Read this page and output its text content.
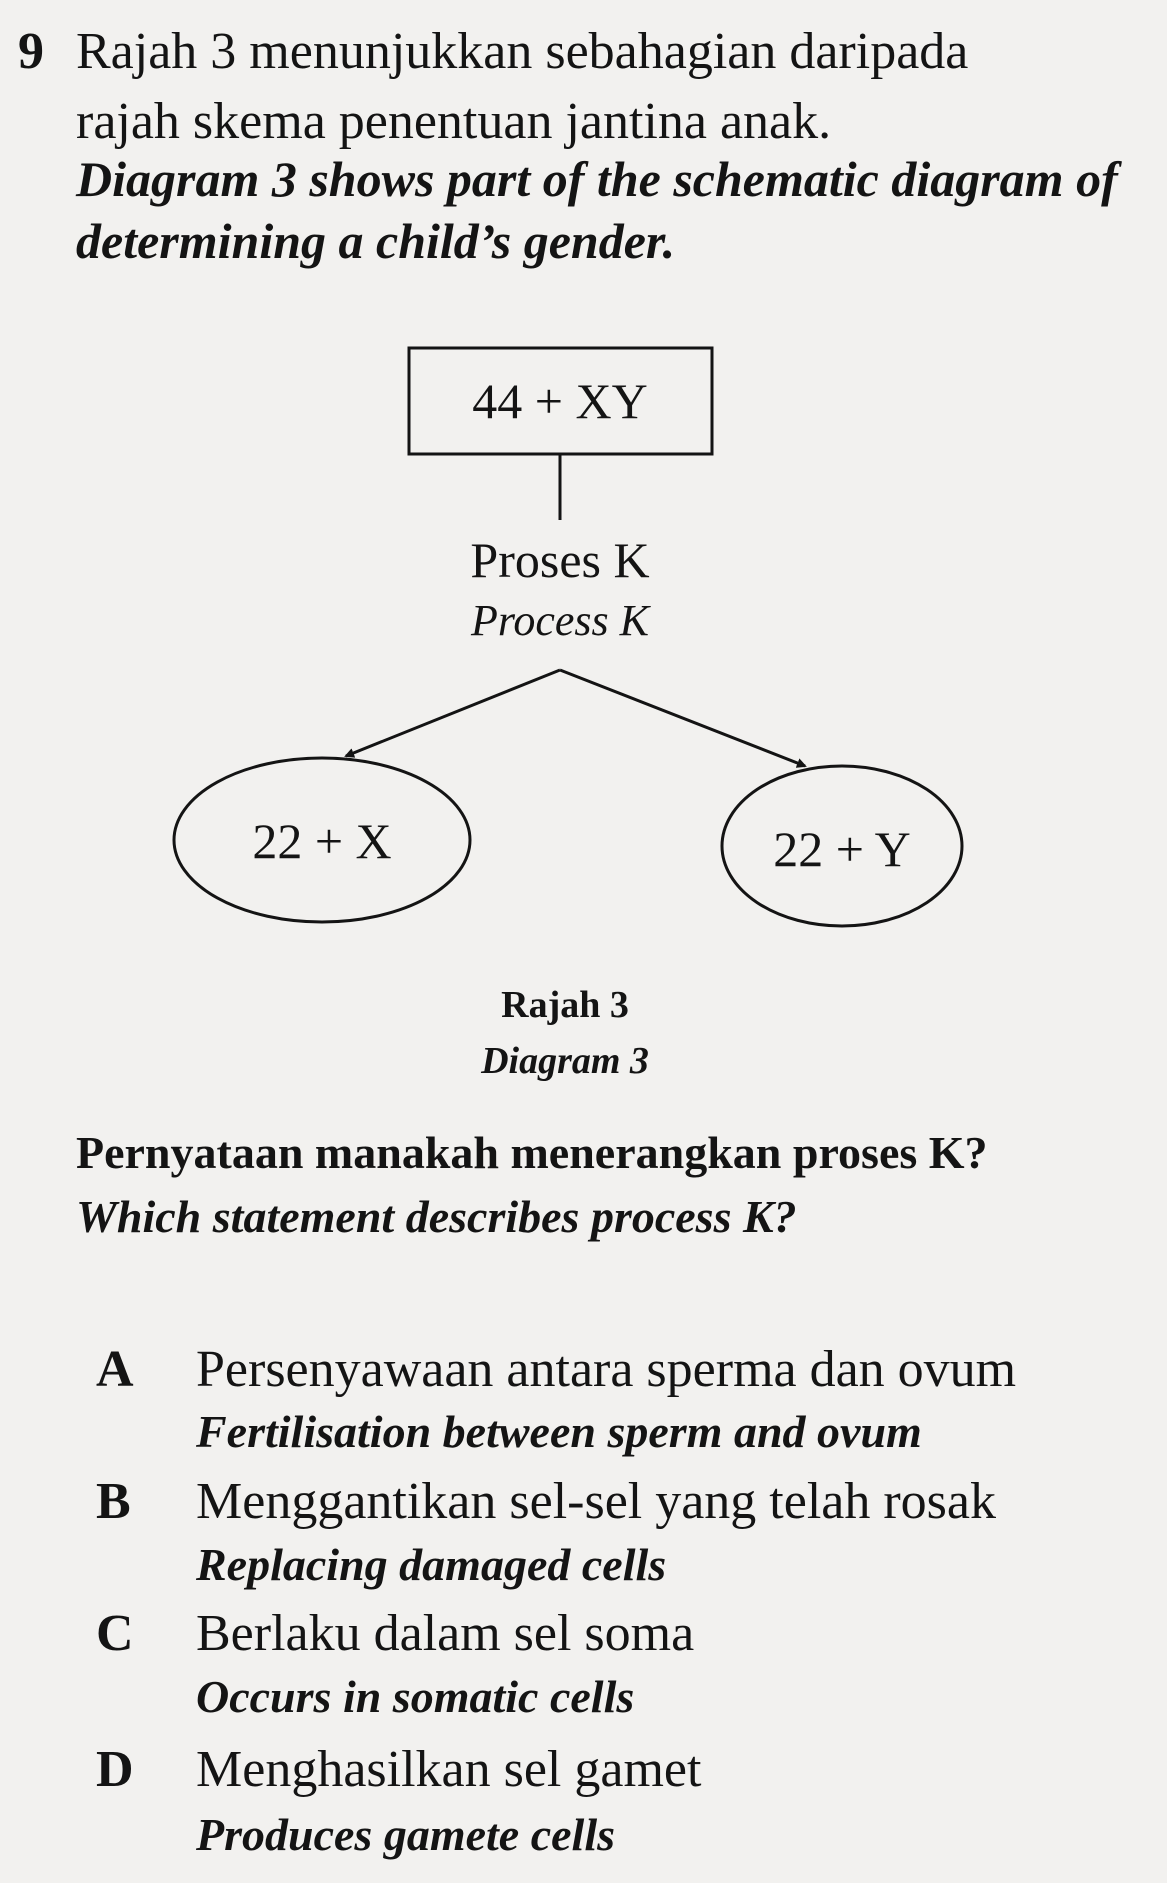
9 Rajah 3 menunjukkan sebahagian daripada
rajah skema penentuan jantina anak.
Diagram 3 shows part of the schematic diagram of
determining a child’s gender.
44 + XY
Proses K
Process K
22 + X	22 + Y
Rajah 3
Diagram 3
Pernyataan manakah menerangkan proses K?
Which statement describes process K?
A Persenyawaan antara sperma dan ovum
Fertilisation between sperm and ovum
B Menggantikan sel-sel yang telah rosak
Replacing damaged cells
C Berlaku dalam sel soma
Occurs in somatic cells
D Menghasilkan sel gamet
Produces gamete cells
